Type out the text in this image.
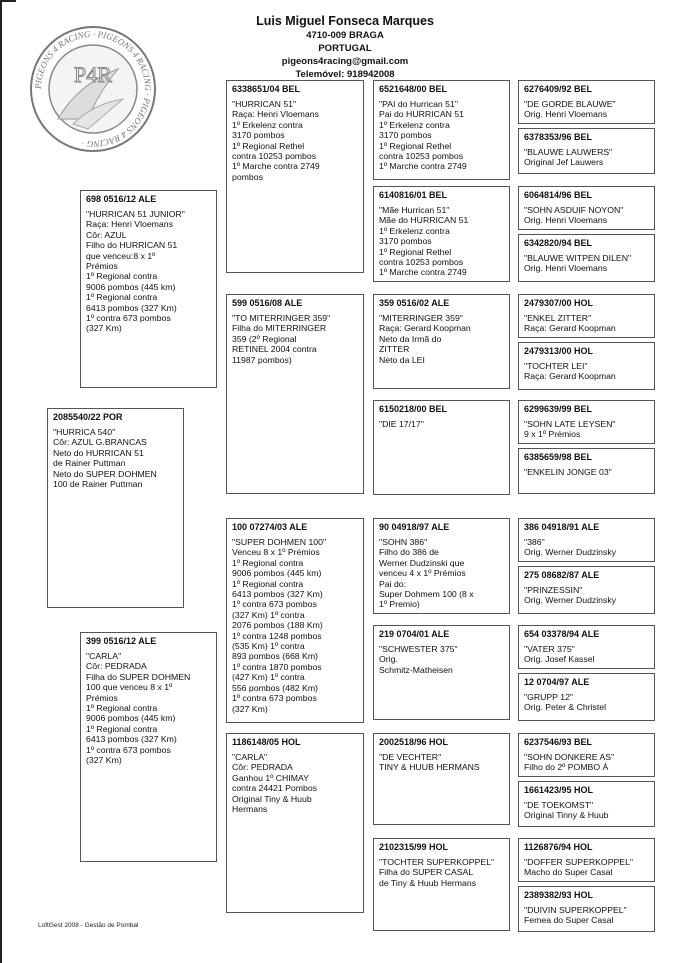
Luis Miguel Fonseca Marques
4710-009 BRAGA
PORTUGAL
pigeons4racing@gmail.com
Telemóvel: 918942008
PIGEONS 4 RACING · PIGEONS 4 RACING · PIGEONS 4 RACING ·
P4R
698 0516/12 ALE
"HURRICAN 51 JUNIOR"
Raça: Henri Vloemans
Côr: AZUL
Filho do HURRICAN 51
que venceu:8 x 1º
Prémios
1º Regional contra
9006 pombos (445 km)
1º Regional contra
6413 pombos (327 Km)
1º contra 673 pombos
(327 Km)
2085540/22 POR
"HURRICA 540"
Côr: AZUL G.BRANCAS
Neto do HURRICAN 51
de Rainer Puttman
Neto do SUPER DOHMEN
100 de Rainer Puttman
399 0516/12 ALE
"CARLA"
Côr: PEDRADA
Filha do SUPER DOHMEN
100 que venceu 8 x 1º
Prémios
1º Regional contra
9006 pombos (445 km)
1º Regional contra
6413 pombos (327 Km)
1º contra 673 pombos
(327 Km)
6338651/04 BEL
"HURRICAN 51"
Raça: Henri Vloemans
1º Erkelenz contra
3170 pombos
1º Regional Rethel
contra 10253 pombos
1º Marche contra 2749
pombos
599 0516/08 ALE
"TO MITERRINGER 359"
Filha do MITERRINGER
359 (2º Regional
RETINEL 2004 contra
11987 pombos)
100 07274/03 ALE
"SUPER DOHMEN 100"
Venceu 8 x 1º Prémios
1º Regional contra
9006 pombos (445 km)
1º Regional contra
6413 pombos (327 Km)
1º contra 673 pombos
(327 Km) 1º contra
2076 pombos (188 Km)
1º contra 1248 pombos
(535 Km) 1º contra
893 pombos (668 Km)
1º contra 1870 pombos
(427 Km) 1º contra
556 pombos (482 Km)
1º contra 673 pombos
(327 Km)
1186148/05 HOL
"CARLA"
Côr: PEDRADA
Ganhou 1º CHIMAY
contra 24421 Pombos
Original Tiny & Huub
Hermans
6521648/00 BEL
"PAI do Hurrican 51"
Pai do HURRICAN 51
1º Erkelenz contra
3170 pombos
1º Regional Rethel
contra 10253 pombos
1º Marche contra 2749
6140816/01 BEL
"Mãe Hurrican 51"
Mãe do HURRICAN 51
1º Erkelenz contra
3170 pombos
1º Regional Rethel
contra 10253 pombos
1º Marche contra 2749
359 0516/02 ALE
"MITERRINGER 359"
Raça: Gerard Koopman
Neto da Irmã do
ZITTER
Neto da LEI
6150218/00 BEL
"DIE 17/17"
90 04918/97 ALE
"SOHN 386"
Filho do 386 de
Werner Dudzinski que
venceu 4 x 1º Prémios
Pai do:
Super Dohmem 100 (8 x
1º Premio)
219 0704/01 ALE
"SCHWESTER 375"
Orig.
Schmitz-Matheisen
2002518/96 HOL
"DE VECHTER"
TINY & HUUB HERMANS
2102315/99 HOL
"TOCHTER SUPERKOPPEL"
Filha do SUPER CASAL
de Tiny & Huub Hermans
6276409/92 BEL
"DE GORDE BLAUWE"
Orig. Henri Vloemans
6378353/96 BEL
"BLAUWE LAUWERS"
Original Jef Lauwers
6064814/96 BEL
"SOHN ASDUIF NOYON"
Orig. Henri Vloemans
6342820/94 BEL
"BLAUWE WITPEN DILEN"
Orig. Henri Vloemans
2479307/00 HOL
"ENKEL ZITTER"
Raça: Gerard Koopman
2479313/00 HOL
"TOCHTER LEI"
Raça: Gerard Koopman
6299639/99 BEL
"SOHN LATE LEYSEN"
9 x 1º Prémios
6385659/98 BEL
"ENKELIN JONGE 03"
386 04918/91 ALE
"386"
Orig. Werner Dudzinsky
275 08682/87 ALE
"PRINZESSIN"
Orig. Werner Dudzinsky
654 03378/94 ALE
"VATER 375"
Orig. Josef Kassel
12 0704/97 ALE
"GRUPP 12"
Orig. Peter & Christel
6237546/93 BEL
"SOHN DONKERE AS"
Filho do 2º POMBO Á
1661423/95 HOL
"DE TOEKOMST"
Original Tinny & Huub
1126876/94 HOL
"DOFFER SUPERKOPPEL"
Macho do Super Casal
2389382/93 HOL
"DUIVIN SUPERKOPPEL"
Femea do Super Casal
LoftGest 2008 - Gestão de Pombal
